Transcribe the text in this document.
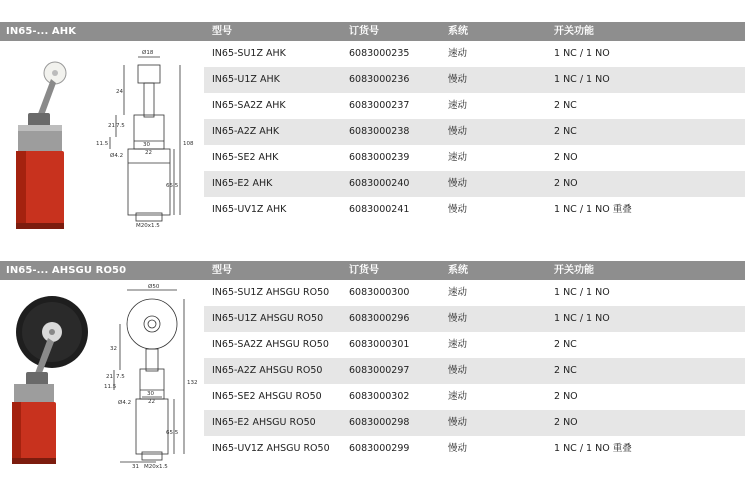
IN65-... AHK	型号	订货号	系统	开关功能
Ø18
24
21 7.5
11.5
Ø4.2
30
22
108
65.5
M20x1.5
IN65-SU1Z AHK	6083000235	速动	1 NC / 1 NO
IN65-U1Z AHK	6083000236	慢动	1 NC / 1 NO
IN65-SA2Z AHK	6083000237	速动	2 NC
IN65-A2Z AHK	6083000238	慢动	2 NC
IN65-SE2 AHK	6083000239	速动	2 NO
IN65-E2 AHK	6083000240	慢动	2 NO
IN65-UV1Z AHK	6083000241	慢动	1 NC / 1 NO 重叠
IN65-... AHSGU RO50	型号	订货号	系统	开关功能
Ø50
32
21 7.5
11.5
Ø4.2
30
22
132
65.5
M20x1.5
31
IN65-SU1Z AHSGU RO50 6083000300	速动	1 NC / 1 NO
IN65-U1Z AHSGU RO50	6083000296	慢动	1 NC / 1 NO
IN65-SA2Z AHSGU RO50 6083000301	速动	2 NC
IN65-A2Z AHSGU RO50	6083000297	慢动	2 NC
IN65-SE2 AHSGU RO50	6083000302	速动	2 NO
IN65-E2 AHSGU RO50	6083000298	慢动	2 NO
IN65-UV1Z AHSGU RO50 6083000299	慢动	1 NC / 1 NO 重叠
